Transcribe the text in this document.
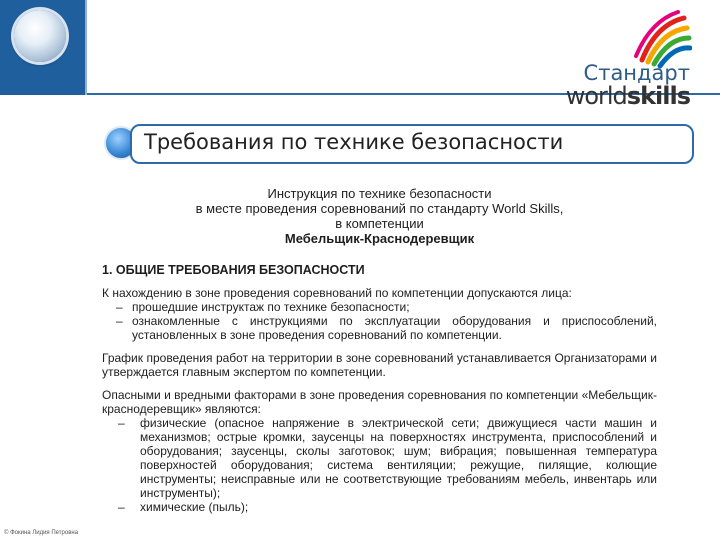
Стандарт
worldskills
Требования по технике безопасности
Инструкция по технике безопасности
в месте проведения соревнований по стандарту World Skills,
в компетенции
Мебельщик-Краснодеревщик
1. ОБЩИЕ ТРЕБОВАНИЯ БЕЗОПАСНОСТИ
К нахождению в зоне проведения соревнований по компетенции допускаются лица:
– прошедшие инструктаж по технике безопасности;
– ознакомленные с инструкциями по эксплуатации оборудования и приспособлений, установленных в зоне проведения соревнований по компетенции.
График проведения работ на территории в зоне соревнований устанавливается Организаторами и утверждается главным экспертом по компетенции.
Опасными и вредными факторами в зоне проведения соревнования по компетенции «Мебельщик-краснодеревщик» являются:
– физические (опасное напряжение в электрической сети; движущиеся части машин и механизмов; острые кромки, заусенцы на поверхностях инструмента, приспособлений и оборудования; заусенцы, сколы заготовок; шум; вибрация; повышенная температура поверхностей оборудования; система вентиляции; режущие, пилящие, колющие инструменты; неисправные или не соответствующие требованиям мебель, инвентарь или инструменты);
– химические (пыль);
© Фокина Лидия Петровна
